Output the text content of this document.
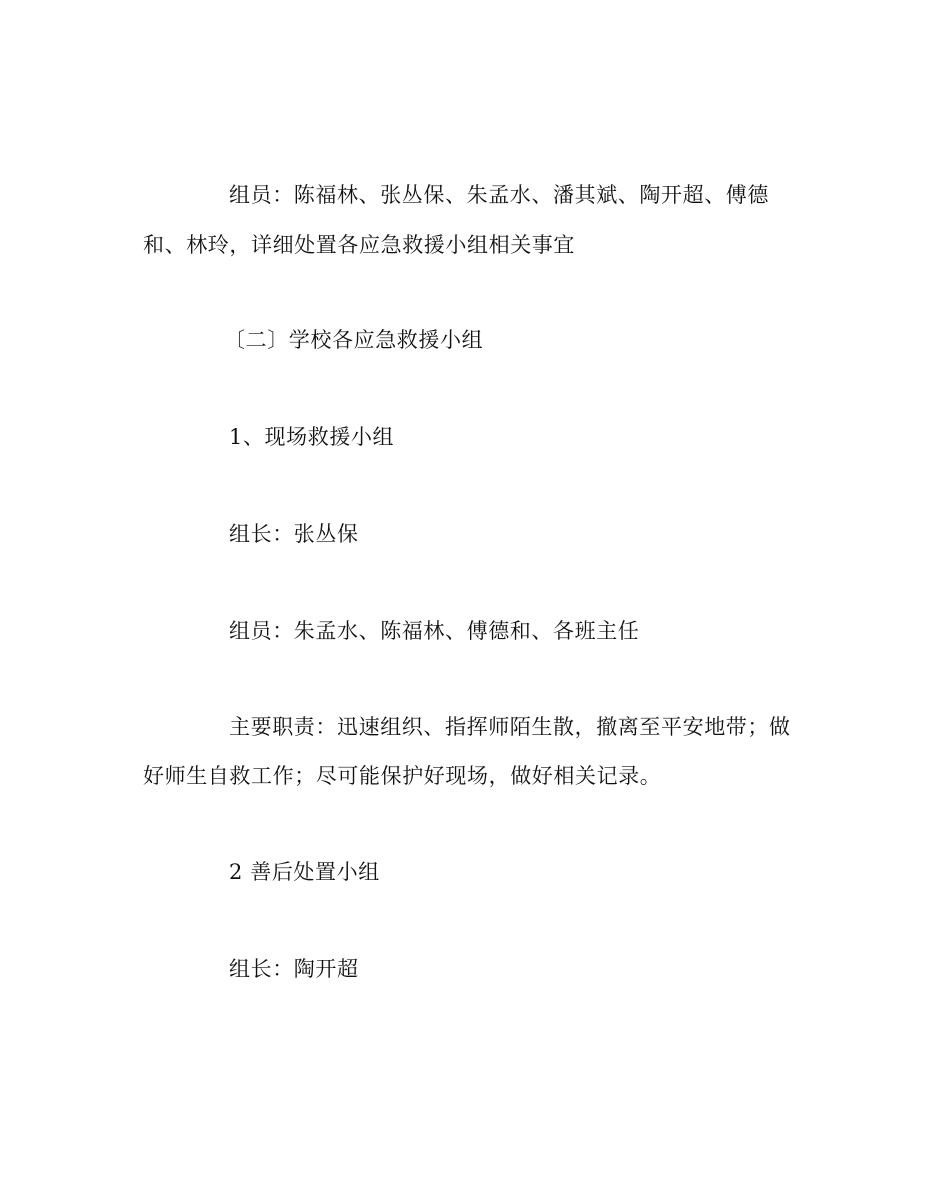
组员：陈福林、张丛保、朱孟水、潘其斌、陶开超、傅德
和、林玲，详细处置各应急救援小组相关事宜
〔二〕学校各应急救援小组
1、现场救援小组
组长：张丛保
组员：朱孟水、陈福林、傅德和、各班主任
主要职责：迅速组织、指挥师陌生散，撤离至平安地带；做
好师生自救工作；尽可能保护好现场，做好相关记录。
2 善后处置小组
组长：陶开超
